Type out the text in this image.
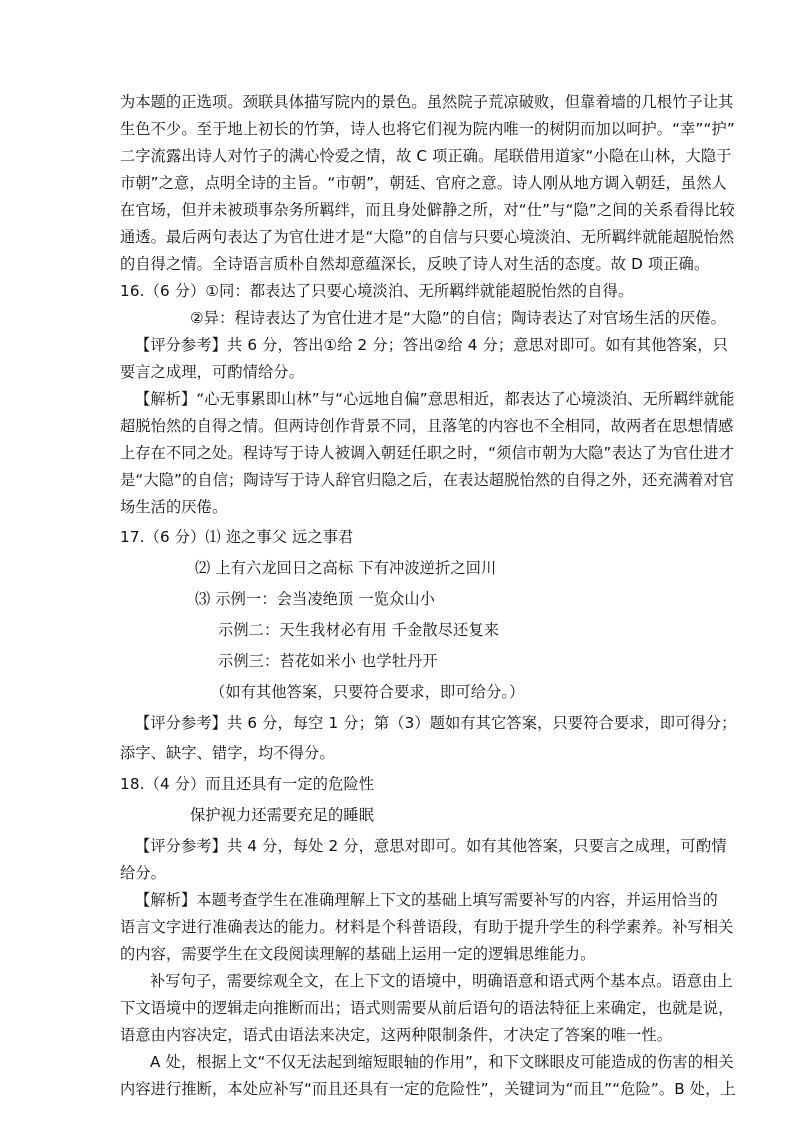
为本题的正选项。颈联具体描写院内的景色。虽然院子荒凉破败，但靠着墙的几根竹子让其
生色不少。至于地上初长的竹笋，诗人也将它们视为院内唯一的树阴而加以呵护。“幸”“护”
二字流露出诗人对竹子的满心怜爱之情，故 C 项正确。尾联借用道家“小隐在山林，大隐于
市朝”之意，点明全诗的主旨。“市朝”，朝廷、官府之意。诗人刚从地方调入朝廷，虽然人
在官场，但并未被琐事杂务所羁绊，而且身处僻静之所，对“仕”与“隐”之间的关系看得比较
通透。最后两句表达了为官仕进才是“大隐”的自信与只要心境淡泊、无所羁绊就能超脱怡然
的自得之情。全诗语言质朴自然却意蕴深长，反映了诗人对生活的态度。故 D 项正确。
16.（6 分）①同：都表达了只要心境淡泊、无所羁绊就能超脱怡然的自得。
②异：程诗表达了为官仕进才是“大隐”的自信；陶诗表达了对官场生活的厌倦。
【评分参考】共 6 分，答出①给 2 分；答出②给 4 分；意思对即可。如有其他答案，只
要言之成理，可酌情给分。
【解析】“心无事累即山林”与“心远地自偏”意思相近，都表达了心境淡泊、无所羁绊就能
超脱怡然的自得之情。但两诗创作背景不同，且落笔的内容也不全相同，故两者在思想情感
上存在不同之处。程诗写于诗人被调入朝廷任职之时，“须信市朝为大隐”表达了为官仕进才
是“大隐”的自信；陶诗写于诗人辞官归隐之后，在表达超脱怡然的自得之外，还充满着对官
场生活的厌倦。
17.（6 分）⑴ 迩之事父 远之事君
⑵ 上有六龙回日之高标 下有冲波逆折之回川
⑶ 示例一：会当凌绝顶 一览众山小
示例二：天生我材必有用 千金散尽还复来
示例三：苔花如米小 也学牡丹开
（如有其他答案，只要符合要求，即可给分。）
【评分参考】共 6 分，每空 1 分；第（3）题如有其它答案，只要符合要求，即可得分；
添字、缺字、错字，均不得分。
18.（4 分）而且还具有一定的危险性
保护视力还需要充足的睡眠
【评分参考】共 4 分，每处 2 分，意思对即可。如有其他答案，只要言之成理，可酌情
给分。
【解析】本题考查学生在准确理解上下文的基础上填写需要补写的内容，并运用恰当的
语言文字进行准确表达的能力。材料是个科普语段，有助于提升学生的科学素养。补写相关
的内容，需要学生在文段阅读理解的基础上运用一定的逻辑思维能力。
补写句子，需要综观全文，在上下文的语境中，明确语意和语式两个基本点。语意由上
下文语境中的逻辑走向推断而出；语式则需要从前后语句的语法特征上来确定，也就是说，
语意由内容决定，语式由语法来决定，这两种限制条件，才决定了答案的唯一性。
A 处，根据上文“不仅无法起到缩短眼轴的作用”，和下文眯眼皮可能造成的伤害的相关
内容进行推断，本处应补写“而且还具有一定的危险性”，关键词为“而且”“危险”。B 处，上
